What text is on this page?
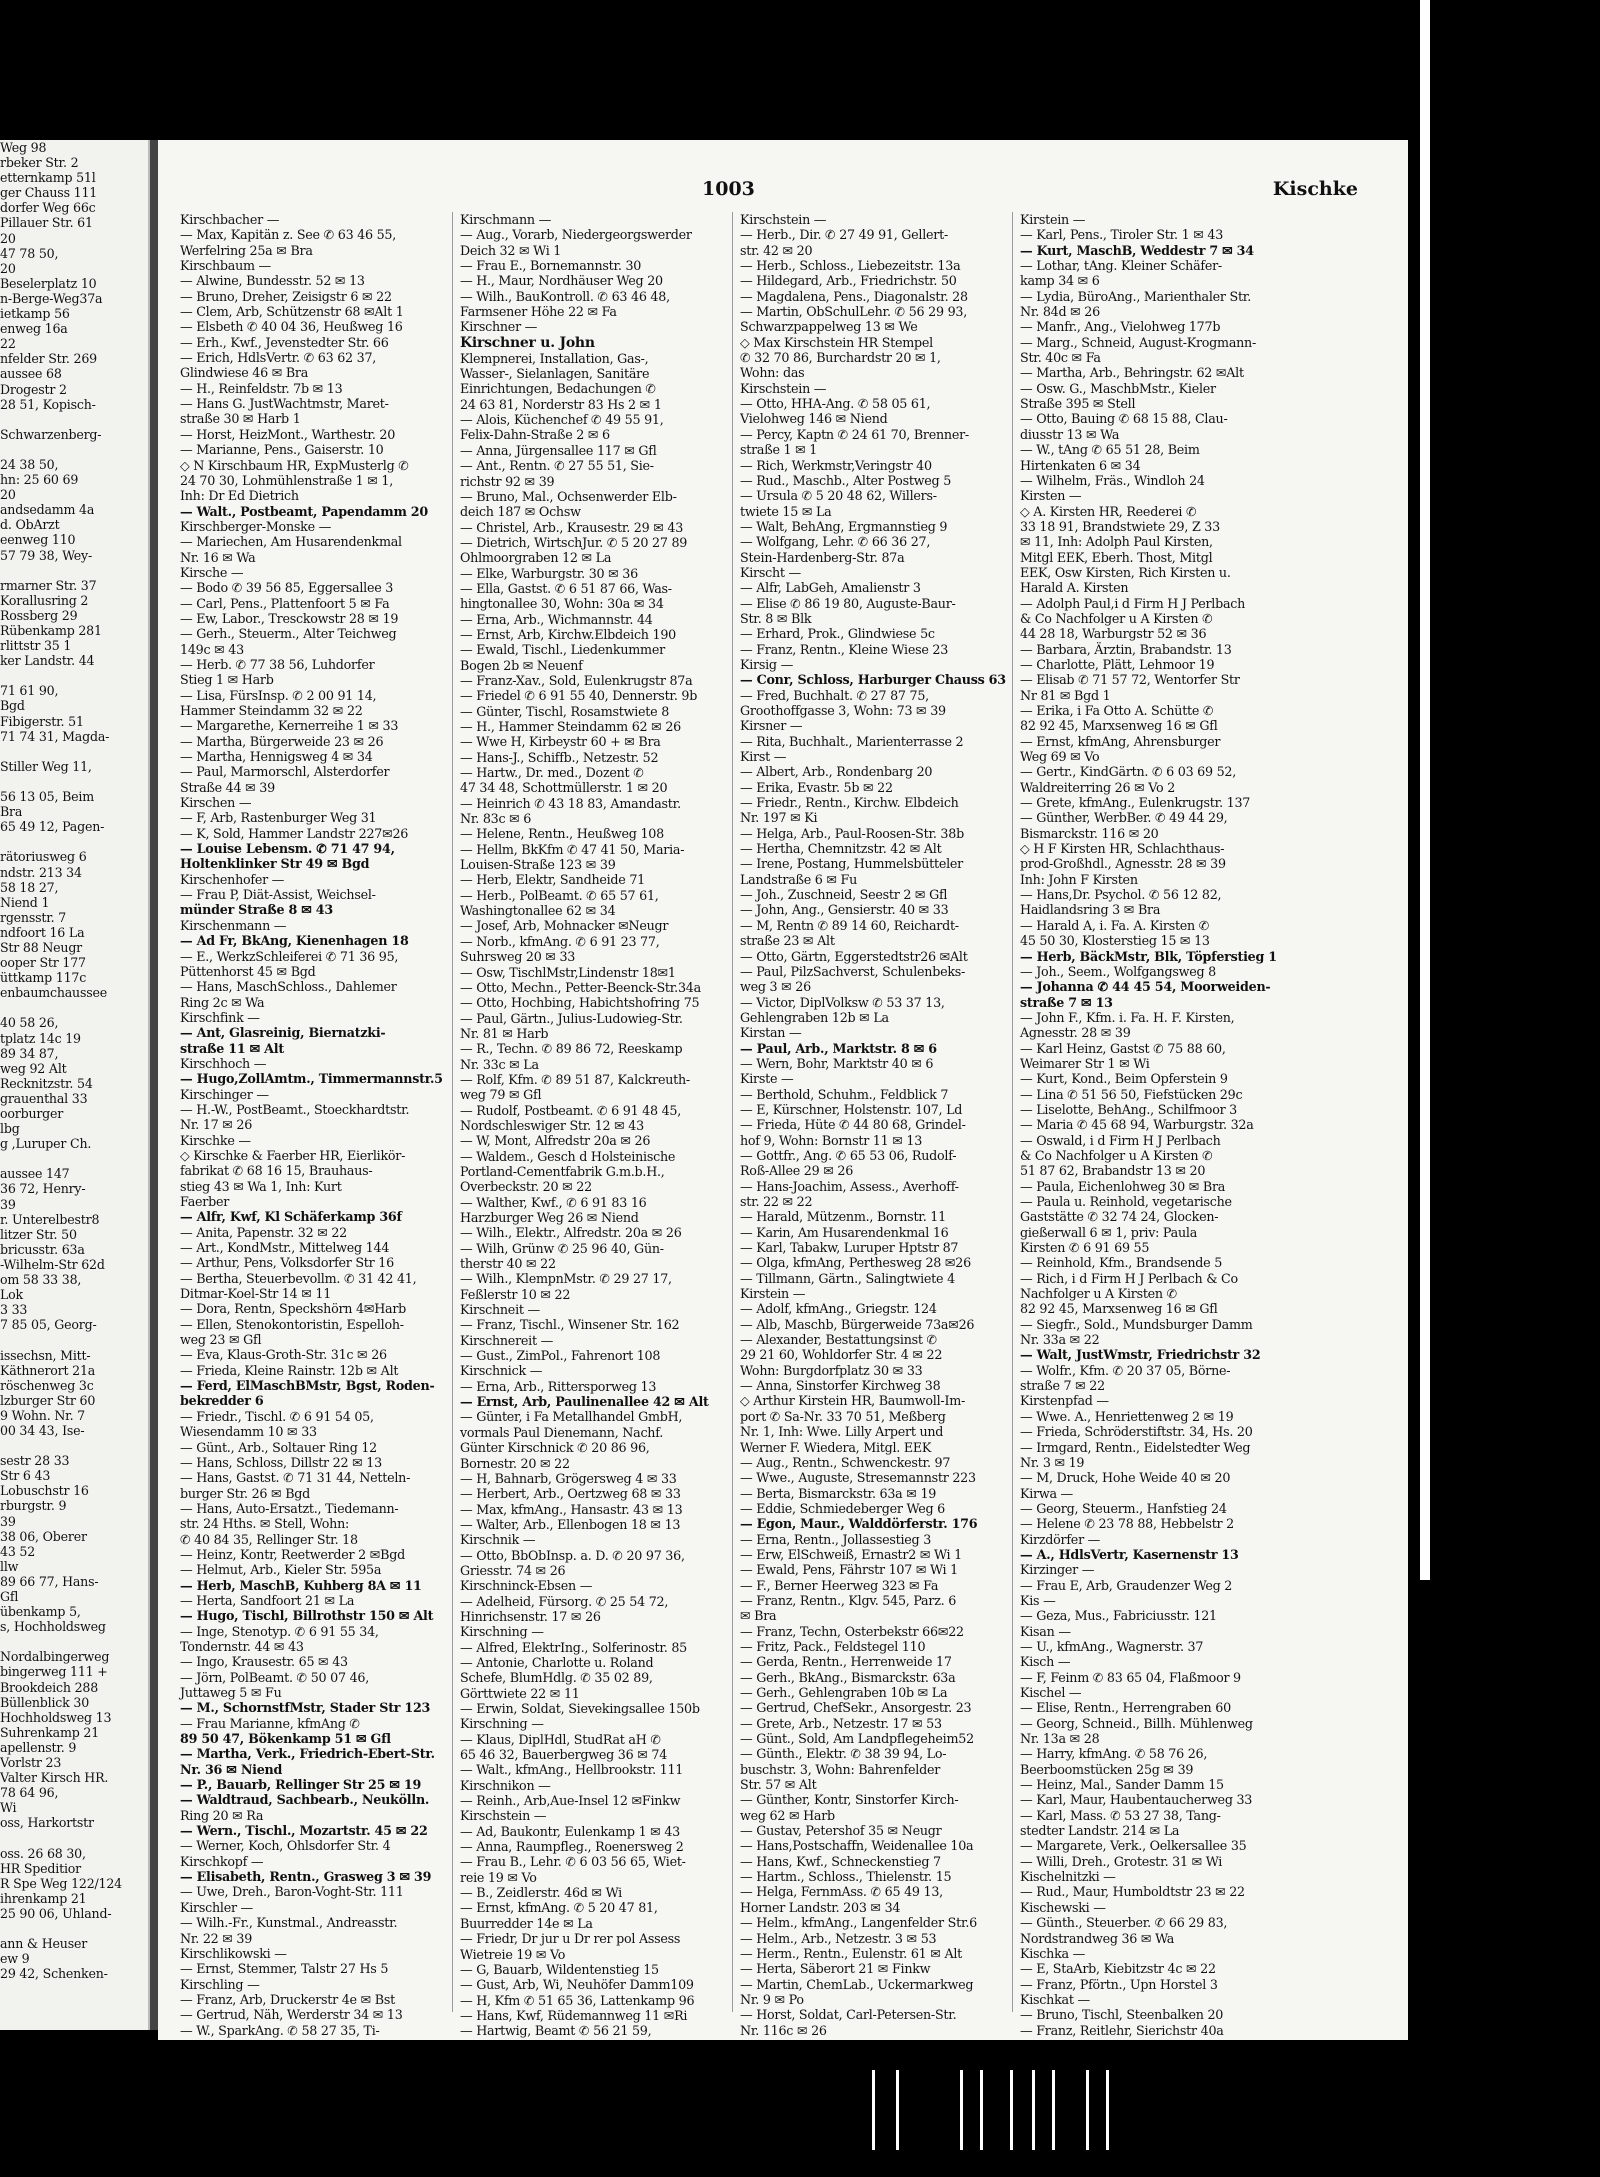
Weg 98
rbeker Str. 2
etternkamp 51l
ger Chauss 111
dorfer Weg 66c
Pillauer Str. 61
20
47 78 50,
20
Beselerplatz 10
n-Berge-Weg37a
ietkamp 56
enweg 16a
22
nfelder Str. 269
aussee 68
Drogestr 2
28 51, Kopisch-

Schwarzenberg-

24 38 50,
hn: 25 60 69
20
andsedamm 4a
d. ObArzt
eenweg 110
57 79 38, Wey-

rmarner Str. 37
Korallusring 2
Rossberg 29
Rübenkamp 281
rlittstr 35 1
ker Landstr. 44

71 61 90,
Bgd
Fibigerstr. 51
71 74 31, Magda-

Stiller Weg 11,

56 13 05, Beim
Bra
65 49 12, Pagen-

rätoriusweg 6
ndstr. 213 34
58 18 27,
Niend 1
rgensstr. 7
ndfoort 16 La
Str 88 Neugr
ooper Str 177
üttkamp 117c
enbaumchaussee

40 58 26,
tplatz 14c 19
89 34 87,
weg 92 Alt
Recknitzstr. 54
grauenthal 33
oorburger
lbg
g ,Luruper Ch.

aussee 147
36 72, Henry-
39
r. Unterelbestr8
litzer Str. 50
bricusstr. 63a
-Wilhelm-Str 62d
om 58 33 38,
Lok
3 33
7 85 05, Georg-

issechsn, Mitt-
Käthnerort 21a
röschenweg 3c
lzburger Str 60
9 Wohn. Nr. 7
00 34 43, Ise-

sestr 28 33
Str 6 43
Lobuschstr 16
rburgstr. 9
39
38 06, Oberer
43 52
llw
89 66 77, Hans-
Gfl
übenkamp 5,
s, Hochholdsweg

Nordalbingerweg
bingerweg 111 +
Brookdeich 288
Büllenblick 30
Hochholdsweg 13
Suhrenkamp 21
apellenstr. 9
Vorlstr 23
Valter Kirsch HR.
78 64 96,
Wi
oss, Harkortstr

oss. 26 68 30,
HR Speditior
R Spe Weg 122/124
ihrenkamp 21
25 90 06, Uhland-

ann & Heuser
ew 9
29 42, Schenken-
1003	Kischke
Kirschbacher —
— Max, Kapitän z. See ✆ 63 46 55,
Werfelring 25a ✉ Bra
Kirschbaum —
— Alwine, Bundesstr. 52 ✉ 13
— Bruno, Dreher, Zeisigstr 6 ✉ 22
— Clem, Arb, Schützenstr 68 ✉Alt 1
— Elsbeth ✆ 40 04 36, Heußweg 16
— Erh., Kwf., Jevenstedter Str. 66
— Erich, HdlsVertr. ✆ 63 62 37,
Glindwiese 46 ✉ Bra
— H., Reinfeldstr. 7b ✉ 13
— Hans G. JustWachtmstr, Maret-
straße 30 ✉ Harb 1
— Horst, HeizMont., Warthestr. 20
— Marianne, Pens., Gaiserstr. 10
◇ N Kirschbaum HR, ExpMusterlg ✆
24 70 30, Lohmühlenstraße 1 ✉ 1,
Inh: Dr Ed Dietrich
— Walt., Postbeamt, Papendamm 20
Kirschberger-Monske —
— Mariechen, Am Husarendenkmal
Nr. 16 ✉ Wa
Kirsche —
— Bodo ✆ 39 56 85, Eggersallee 3
— Carl, Pens., Plattenfoort 5 ✉ Fa
— Ew, Labor., Tresckowstr 28 ✉ 19
— Gerh., Steuerm., Alter Teichweg
149c ✉ 43
— Herb. ✆ 77 38 56, Luhdorfer
Stieg 1 ✉ Harb
— Lisa, FürsInsp. ✆ 2 00 91 14,
Hammer Steindamm 32 ✉ 22
— Margarethe, Kernerreihe 1 ✉ 33
— Martha, Bürgerweide 23 ✉ 26
— Martha, Hennigsweg 4 ✉ 34
— Paul, Marmorschl, Alsterdorfer
Straße 44 ✉ 39
Kirschen —
— F, Arb, Rastenburger Weg 31
— K, Sold, Hammer Landstr 227✉26
— Louise Lebensm. ✆ 71 47 94,
Holtenklinker Str 49 ✉ Bgd
Kirschenhofer —
— Frau P, Diät-Assist, Weichsel-
münder Straße 8 ✉ 43
Kirschenmann —
— Ad Fr, BkAng, Kienenhagen 18
— E., WerkzSchleiferei ✆ 71 36 95,
Püttenhorst 45 ✉ Bgd
— Hans, MaschSchloss., Dahlemer
Ring 2c ✉ Wa
Kirschfink —
— Ant, Glasreinig, Biernatzki-
straße 11 ✉ Alt
Kirschhoch —
— Hugo,ZollAmtm., Timmermannstr.5
Kirschinger —
— H.-W., PostBeamt., Stoeckhardtstr.
Nr. 17 ✉ 26
Kirschke —
◇ Kirschke & Faerber HR, Eierlikör-
fabrikat ✆ 68 16 15, Brauhaus-
stieg 43 ✉ Wa 1, Inh: Kurt
Faerber
— Alfr, Kwf, Kl Schäferkamp 36f
— Anita, Papenstr. 32 ✉ 22
— Art., KondMstr., Mittelweg 144
— Arthur, Pens, Volksdorfer Str 16
— Bertha, Steuerbevollm. ✆ 31 42 41,
Ditmar-Koel-Str 14 ✉ 11
— Dora, Rentn, Speckshörn 4✉Harb
— Ellen, Stenokontoristin, Espelloh-
weg 23 ✉ Gfl
— Eva, Klaus-Groth-Str. 31c ✉ 26
— Frieda, Kleine Rainstr. 12b ✉ Alt
— Ferd, ElMaschBMstr, Bgst, Roden-
bekredder 6
— Friedr., Tischl. ✆ 6 91 54 05,
Wiesendamm 10 ✉ 33
— Günt., Arb., Soltauer Ring 12
— Hans, Schloss, Dillstr 22 ✉ 13
— Hans, Gastst. ✆ 71 31 44, Netteln-
burger Str. 26 ✉ Bgd
— Hans, Auto-Ersatzt., Tiedemann-
str. 24 Hths. ✉ Stell, Wohn:
✆ 40 84 35, Rellinger Str. 18
— Heinz, Kontr, Reetwerder 2 ✉Bgd
— Helmut, Arb., Kieler Str. 595a
— Herb, MaschB, Kuhberg 8A ✉ 11
— Herta, Sandfoort 21 ✉ La
— Hugo, Tischl, Billrothstr 150 ✉ Alt
— Inge, Stenotyp. ✆ 6 91 55 34,
Tondernstr. 44 ✉ 43
— Ingo, Krausestr. 65 ✉ 43
— Jörn, PolBeamt. ✆ 50 07 46,
Juttaweg 5 ✉ Fu
— M., SchornstfMstr, Stader Str 123
— Frau Marianne, kfmAng ✆
89 50 47, Bökenkamp 51 ✉ Gfl
— Martha, Verk., Friedrich-Ebert-Str.
Nr. 36 ✉ Niend
— P., Bauarb, Rellinger Str 25 ✉ 19
— Waldtraud, Sachbearb., Neukölln.
Ring 20 ✉ Ra
— Wern., Tischl., Mozartstr. 45 ✉ 22
— Werner, Koch, Ohlsdorfer Str. 4
Kirschkopf —
— Elisabeth, Rentn., Grasweg 3 ✉ 39
— Uwe, Dreh., Baron-Voght-Str. 111
Kirschler —
— Wilh.-Fr., Kunstmal., Andreasstr.
Nr. 22 ✉ 39
Kirschlikowski —
— Ernst, Stemmer, Talstr 27 Hs 5
Kirschling —
— Franz, Arb, Druckerstr 4e ✉ Bst
— Gertrud, Näh, Werderstr 34 ✉ 13
— W., SparkAng. ✆ 58 27 35, Ti-
Kirschmann —
— Aug., Vorarb, Niedergeorgswerder
Deich 32 ✉ Wi 1
— Frau E., Bornemannstr. 30
— H., Maur, Nordhäuser Weg 20
— Wilh., BauKontroll. ✆ 63 46 48,
Farmsener Höhe 22 ✉ Fa
Kirschner —
Kirschner u. John
Klempnerei, Installation, Gas-,
Wasser-, Sielanlagen, Sanitäre
Einrichtungen, Bedachungen ✆
24 63 81, Norderstr 83 Hs 2 ✉ 1
— Alois, Küchenchef ✆ 49 55 91,
Felix-Dahn-Straße 2 ✉ 6
— Anna, Jürgensallee 117 ✉ Gfl
— Ant., Rentn. ✆ 27 55 51, Sie-
richstr 92 ✉ 39
— Bruno, Mal., Ochsenwerder Elb-
deich 187 ✉ Ochsw
— Christel, Arb., Krausestr. 29 ✉ 43
— Dietrich, WirtschJur. ✆ 5 20 27 89
Ohlmoorgraben 12 ✉ La
— Elke, Warburgstr. 30 ✉ 36
— Ella, Gastst. ✆ 6 51 87 66, Was-
hingtonallee 30, Wohn: 30a ✉ 34
— Erna, Arb., Wichmannstr. 44
— Ernst, Arb, Kirchw.Elbdeich 190
— Ewald, Tischl., Liedenkummer
Bogen 2b ✉ Neuenf
— Franz-Xav., Sold, Eulenkrugstr 87a
— Friedel ✆ 6 91 55 40, Dennerstr. 9b
— Günter, Tischl, Rosamstwiete 8
— H., Hammer Steindamm 62 ✉ 26
— Wwe H, Kirbeystr 60 + ✉ Bra
— Hans-J., Schiffb., Netzestr. 52
— Hartw., Dr. med., Dozent ✆
47 34 48, Schottmüllerstr. 1 ✉ 20
— Heinrich ✆ 43 18 83, Amandastr.
Nr. 83c ✉ 6
— Helene, Rentn., Heußweg 108
— Hellm, BkKfm ✆ 47 41 50, Maria-
Louisen-Straße 123 ✉ 39
— Herb, Elektr, Sandheide 71
— Herb., PolBeamt. ✆ 65 57 61,
Washingtonallee 62 ✉ 34
— Josef, Arb, Mohnacker ✉Neugr
— Norb., kfmAng. ✆ 6 91 23 77,
Suhrsweg 20 ✉ 33
— Osw, TischlMstr,Lindenstr 18✉1
— Otto, Mechn., Petter-Beenck-Str.34a
— Otto, Hochbing, Habichtshofring 75
— Paul, Gärtn., Julius-Ludowieg-Str.
Nr. 81 ✉ Harb
— R., Techn. ✆ 89 86 72, Reeskamp
Nr. 33c ✉ La
— Rolf, Kfm. ✆ 89 51 87, Kalckreuth-
weg 79 ✉ Gfl
— Rudolf, Postbeamt. ✆ 6 91 48 45,
Nordschleswiger Str. 12 ✉ 43
— W, Mont, Alfredstr 20a ✉ 26
— Waldem., Gesch d Holsteinische
Portland-Cementfabrik G.m.b.H.,
Overbeckstr. 20 ✉ 22
— Walther, Kwf., ✆ 6 91 83 16
Harzburger Weg 26 ✉ Niend
— Wilh., Elektr., Alfredstr. 20a ✉ 26
— Wilh, Grünw ✆ 25 96 40, Gün-
therstr 40 ✉ 22
— Wilh., KlempnMstr. ✆ 29 27 17,
Feßlerstr 10 ✉ 22
Kirschneit —
— Franz, Tischl., Winsener Str. 162
Kirschnereit —
— Gust., ZimPol., Fahrenort 108
Kirschnick —
— Erna, Arb., Rittersporweg 13
— Ernst, Arb, Paulinenallee 42 ✉ Alt
— Günter, i Fa Metallhandel GmbH,
vormals Paul Dienemann, Nachf.
Günter Kirschnick ✆ 20 86 96,
Bornestr. 20 ✉ 22
— H, Bahnarb, Grögersweg 4 ✉ 33
— Herbert, Arb., Oertzweg 68 ✉ 33
— Max, kfmAng., Hansastr. 43 ✉ 13
— Walter, Arb., Ellenbogen 18 ✉ 13
Kirschnik —
— Otto, BbObInsp. a. D. ✆ 20 97 36,
Griesstr. 74 ✉ 26
Kirschninck-Ebsen —
— Adelheid, Fürsorg. ✆ 25 54 72,
Hinrichsenstr. 17 ✉ 26
Kirschning —
— Alfred, ElektrIng., Solferinostr. 85
— Antonie, Charlotte u. Roland
Schefe, BlumHdlg. ✆ 35 02 89,
Görttwiete 22 ✉ 11
— Erwin, Soldat, Sievekingsallee 150b
Kirschning —
— Klaus, DiplHdl, StudRat aH ✆
65 46 32, Bauerbergweg 36 ✉ 74
— Walt., kfmAng., Hellbrookstr. 111
Kirschnikon —
— Reinh., Arb,Aue-Insel 12 ✉Finkw
Kirschstein —
— Ad, Baukontr, Eulenkamp 1 ✉ 43
— Anna, Raumpfleg., Roenersweg 2
— Frau B., Lehr. ✆ 6 03 56 65, Wiet-
reie 19 ✉ Vo
— B., Zeidlerstr. 46d ✉ Wi
— Ernst, kfmAng. ✆ 5 20 47 81,
Buurredder 14e ✉ La
— Friedr, Dr jur u Dr rer pol Assess
Wietreie 19 ✉ Vo
— G, Bauarb, Wildentenstieg 15
— Gust, Arb, Wi, Neuhöfer Damm109
— H, Kfm ✆ 51 65 36, Lattenkamp 96
— Hans, Kwf, Rüdemannweg 11 ✉Ri
— Hartwig, Beamt ✆ 56 21 59,
Kirschstein —
— Herb., Dir. ✆ 27 49 91, Gellert-
str. 42 ✉ 20
— Herb., Schloss., Liebezeitstr. 13a
— Hildegard, Arb., Friedrichstr. 50
— Magdalena, Pens., Diagonalstr. 28
— Martin, ObSchulLehr. ✆ 56 29 93,
Schwarzpappelweg 13 ✉ We
◇ Max Kirschstein HR Stempel
✆ 32 70 86, Burchardstr 20 ✉ 1,
Wohn: das
Kirschstein —
— Otto, HHA-Ang. ✆ 58 05 61,
Vielohweg 146 ✉ Niend
— Percy, Kaptn ✆ 24 61 70, Brenner-
straße 1 ✉ 1
— Rich, Werkmstr,Veringstr 40
— Rud., Maschb., Alter Postweg 5
— Ursula ✆ 5 20 48 62, Willers-
twiete 15 ✉ La
— Walt, BehAng, Ergmannstieg 9
— Wolfgang, Lehr. ✆ 66 36 27,
Stein-Hardenberg-Str. 87a
Kirscht —
— Alfr, LabGeh, Amalienstr 3
— Elise ✆ 86 19 80, Auguste-Baur-
Str. 8 ✉ Blk
— Erhard, Prok., Glindwiese 5c
— Franz, Rentn., Kleine Wiese 23
Kirsig —
— Conr, Schloss, Harburger Chauss 63
— Fred, Buchhalt. ✆ 27 87 75,
Groothoffgasse 3, Wohn: 73 ✉ 39
Kirsner —
— Rita, Buchhalt., Marienterrasse 2
Kirst —
— Albert, Arb., Rondenbarg 20
— Erika, Evastr. 5b ✉ 22
— Friedr., Rentn., Kirchw. Elbdeich
Nr. 197 ✉ Ki
— Helga, Arb., Paul-Roosen-Str. 38b
— Hertha, Chemnitzstr. 42 ✉ Alt
— Irene, Postang, Hummelsbütteler
Landstraße 6 ✉ Fu
— Joh., Zuschneid, Seestr 2 ✉ Gfl
— John, Ang., Gensierstr. 40 ✉ 33
— M, Rentn ✆ 89 14 60, Reichardt-
straße 23 ✉ Alt
— Otto, Gärtn, Eggerstedtstr26 ✉Alt
— Paul, PilzSachverst, Schulenbeks-
weg 3 ✉ 26
— Victor, DiplVolksw ✆ 53 37 13,
Gehlengraben 12b ✉ La
Kirstan —
— Paul, Arb., Marktstr. 8 ✉ 6
— Wern, Bohr, Marktstr 40 ✉ 6
Kirste —
— Berthold, Schuhm., Feldblick 7
— E, Kürschner, Holstenstr. 107, Ld
— Frieda, Hüte ✆ 44 80 68, Grindel-
hof 9, Wohn: Bornstr 11 ✉ 13
— Gottfr., Ang. ✆ 65 53 06, Rudolf-
Roß-Allee 29 ✉ 26
— Hans-Joachim, Assess., Averhoff-
str. 22 ✉ 22
— Harald, Mützenm., Bornstr. 11
— Karin, Am Husarendenkmal 16
— Karl, Tabakw, Luruper Hptstr 87
— Olga, kfmAng, Perthesweg 28 ✉26
— Tillmann, Gärtn., Salingtwiete 4
Kirstein —
— Adolf, kfmAng., Griegstr. 124
— Alb, Maschb, Bürgerweide 73a✉26
— Alexander, Bestattungsinst ✆
29 21 60, Wohldorfer Str. 4 ✉ 22
Wohn: Burgdorfplatz 30 ✉ 33
— Anna, Sinstorfer Kirchweg 38
◇ Arthur Kirstein HR, Baumwoll-Im-
port ✆ Sa-Nr. 33 70 51, Meßberg
Nr. 1, Inh: Wwe. Lilly Arpert und
Werner F. Wiedera, Mitgl. EEK
— Aug., Rentn., Schwenckestr. 97
— Wwe., Auguste, Stresemannstr 223
— Berta, Bismarckstr. 63a ✉ 19
— Eddie, Schmiedeberger Weg 6
— Egon, Maur., Walddörferstr. 176
— Erna, Rentn., Jollassestieg 3
— Erw, ElSchweiß, Ernastr2 ✉ Wi 1
— Ewald, Pens, Fährstr 107 ✉ Wi 1
— F., Berner Heerweg 323 ✉ Fa
— Franz, Rentn., Klgv. 545, Parz. 6
✉ Bra
— Franz, Techn, Osterbekstr 66✉22
— Fritz, Pack., Feldstegel 110
— Gerda, Rentn., Herrenweide 17
— Gerh., BkAng., Bismarckstr. 63a
— Gerh., Gehlengraben 10b ✉ La
— Gertrud, ChefSekr., Ansorgestr. 23
— Grete, Arb., Netzestr. 17 ✉ 53
— Günt., Sold, Am Landpflegeheim52
— Günth., Elektr. ✆ 38 39 94, Lo-
buschstr. 3, Wohn: Bahrenfelder
Str. 57 ✉ Alt
— Günther, Kontr, Sinstorfer Kirch-
weg 62 ✉ Harb
— Gustav, Petershof 35 ✉ Neugr
— Hans,Postschaffn, Weidenallee 10a
— Hans, Kwf., Schneckenstieg 7
— Hartm., Schloss., Thielenstr. 15
— Helga, FernmAss. ✆ 65 49 13,
Horner Landstr. 203 ✉ 34
— Helm., kfmAng., Langenfelder Str.6
— Helm., Arb., Netzestr. 3 ✉ 53
— Herm., Rentn., Eulenstr. 61 ✉ Alt
— Herta, Säberort 21 ✉ Finkw
— Martin, ChemLab., Uckermarkweg
Nr. 9 ✉ Po
— Horst, Soldat, Carl-Petersen-Str.
Nr. 116c ✉ 26
Kirstein —
— Karl, Pens., Tiroler Str. 1 ✉ 43
— Kurt, MaschB, Weddestr 7 ✉ 34
— Lothar, tAng. Kleiner Schäfer-
kamp 34 ✉ 6
— Lydia, BüroAng., Marienthaler Str.
Nr. 84d ✉ 26
— Manfr., Ang., Vielohweg 177b
— Marg., Schneid, August-Krogmann-
Str. 40c ✉ Fa
— Martha, Arb., Behringstr. 62 ✉Alt
— Osw. G., MaschbMstr., Kieler
Straße 395 ✉ Stell
— Otto, Bauing ✆ 68 15 88, Clau-
diusstr 13 ✉ Wa
— W., tAng ✆ 65 51 28, Beim
Hirtenkaten 6 ✉ 34
— Wilhelm, Fräs., Windloh 24
Kirsten —
◇ A. Kirsten HR, Reederei ✆
33 18 91, Brandstwiete 29, Z 33
✉ 11, Inh: Adolph Paul Kirsten,
Mitgl EEK, Eberh. Thost, Mitgl
EEK, Osw Kirsten, Rich Kirsten u.
Harald A. Kirsten
— Adolph Paul,i d Firm H J Perlbach
& Co Nachfolger u A Kirsten ✆
44 28 18, Warburgstr 52 ✉ 36
— Barbara, Ärztin, Brabandstr. 13
— Charlotte, Plätt, Lehmoor 19
— Elisab ✆ 71 57 72, Wentorfer Str
Nr 81 ✉ Bgd 1
— Erika, i Fa Otto A. Schütte ✆
82 92 45, Marxsenweg 16 ✉ Gfl
— Ernst, kfmAng, Ahrensburger
Weg 69 ✉ Vo
— Gertr., KindGärtn. ✆ 6 03 69 52,
Waldreiterring 26 ✉ Vo 2
— Grete, kfmAng., Eulenkrugstr. 137
— Günther, WerbBer. ✆ 49 44 29,
Bismarckstr. 116 ✉ 20
◇ H F Kirsten HR, Schlachthaus-
prod-Großhdl., Agnesstr. 28 ✉ 39
Inh: John F Kirsten
— Hans,Dr. Psychol. ✆ 56 12 82,
Haidlandsring 3 ✉ Bra
— Harald A, i. Fa. A. Kirsten ✆
45 50 30, Klosterstieg 15 ✉ 13
— Herb, BäckMstr, Blk, Töpferstieg 1
— Joh., Seem., Wolfgangsweg 8
— Johanna ✆ 44 45 54, Moorweiden-
straße 7 ✉ 13
— John F., Kfm. i. Fa. H. F. Kirsten,
Agnesstr. 28 ✉ 39
— Karl Heinz, Gastst ✆ 75 88 60,
Weimarer Str 1 ✉ Wi
— Kurt, Kond., Beim Opferstein 9
— Lina ✆ 51 56 50, Fiefstücken 29c
— Liselotte, BehAng., Schilfmoor 3
— Maria ✆ 45 68 94, Warburgstr. 32a
— Oswald, i d Firm H J Perlbach
& Co Nachfolger u A Kirsten ✆
51 87 62, Brabandstr 13 ✉ 20
— Paula, Eichenlohweg 30 ✉ Bra
— Paula u. Reinhold, vegetarische
Gaststätte ✆ 32 74 24, Glocken-
gießerwall 6 ✉ 1, priv: Paula
Kirsten ✆ 6 91 69 55
— Reinhold, Kfm., Brandsende 5
— Rich, i d Firm H J Perlbach & Co
Nachfolger u A Kirsten ✆
82 92 45, Marxsenweg 16 ✉ Gfl
— Siegfr., Sold., Mundsburger Damm
Nr. 33a ✉ 22
— Walt, JustWmstr, Friedrichstr 32
— Wolfr., Kfm. ✆ 20 37 05, Börne-
straße 7 ✉ 22
Kirstenpfad —
— Wwe. A., Henriettenweg 2 ✉ 19
— Frieda, Schröderstiftstr. 34, Hs. 20
— Irmgard, Rentn., Eidelstedter Weg
Nr. 3 ✉ 19
— M, Druck, Hohe Weide 40 ✉ 20
Kirwa —
— Georg, Steuerm., Hanfstieg 24
— Helene ✆ 23 78 88, Hebbelstr 2
Kirzdörfer —
— A., HdlsVertr, Kasernenstr 13
Kirzinger —
— Frau E, Arb, Graudenzer Weg 2
Kis —
— Geza, Mus., Fabriciusstr. 121
Kisan —
— U., kfmAng., Wagnerstr. 37
Kisch —
— F, Feinm ✆ 83 65 04, Flaßmoor 9
Kischel —
— Elise, Rentn., Herrengraben 60
— Georg, Schneid., Billh. Mühlenweg
Nr. 13a ✉ 28
— Harry, kfmAng. ✆ 58 76 26,
Beerboomstücken 25g ✉ 39
— Heinz, Mal., Sander Damm 15
— Karl, Maur, Haubentaucherweg 33
— Karl, Mass. ✆ 53 27 38, Tang-
stedter Landstr. 214 ✉ La
— Margarete, Verk., Oelkersallee 35
— Willi, Dreh., Grotestr. 31 ✉ Wi
Kischelnitzki —
— Rud., Maur, Humboldtstr 23 ✉ 22
Kischewski —
— Günth., Steuerber. ✆ 66 29 83,
Nordstrandweg 36 ✉ Wa
Kischka —
— E, StaArb, Kiebitzstr 4c ✉ 22
— Franz, Pförtn., Upn Horstel 3
Kischkat —
— Bruno, Tischl, Steenbalken 20
— Franz, Reitlehr, Sierichstr 40a
